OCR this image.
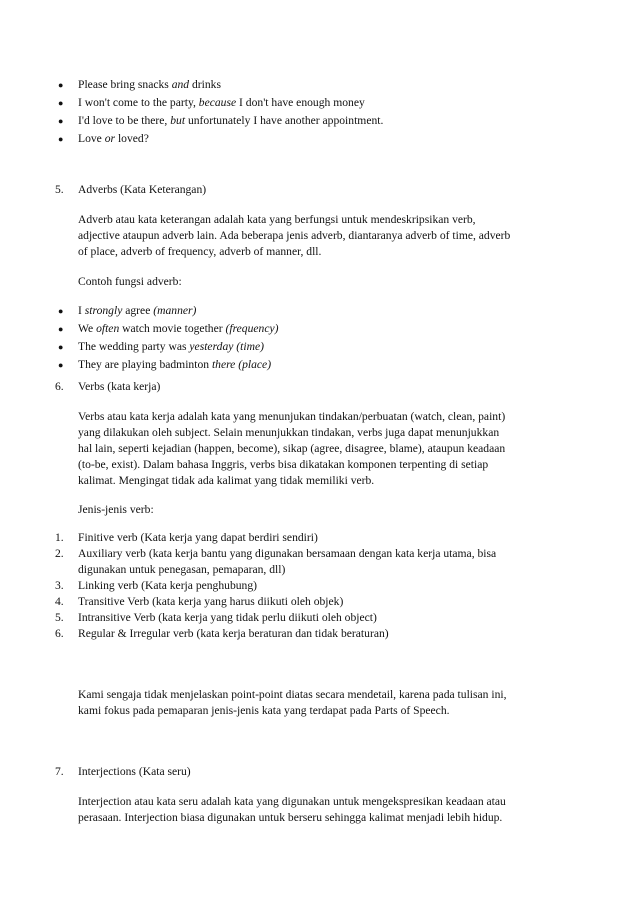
● Please bring snacks and drinks
● I won't come to the party, because I don't have enough money
● I'd love to be there, but unfortunately I have another appointment.
● Love or loved?
5. Adverbs (Kata Keterangan)
Adverb atau kata keterangan adalah kata yang berfungsi untuk mendeskripsikan verb,
adjective ataupun adverb lain. Ada beberapa jenis adverb, diantaranya adverb of time, adverb
of place, adverb of frequency, adverb of manner, dll.
Contoh fungsi adverb:
● I strongly agree (manner)
● We often watch movie together (frequency)
● The wedding party was yesterday (time)
● They are playing badminton there (place)
6. Verbs (kata kerja)
Verbs atau kata kerja adalah kata yang menunjukan tindakan/perbuatan (watch, clean, paint)
yang dilakukan oleh subject. Selain menunjukkan tindakan, verbs juga dapat menunjukkan
hal lain, seperti kejadian (happen, become), sikap (agree, disagree, blame), ataupun keadaan
(to-be, exist). Dalam bahasa Inggris, verbs bisa dikatakan komponen terpenting di setiap
kalimat. Mengingat tidak ada kalimat yang tidak memiliki verb.
Jenis-jenis verb:
1. Finitive verb (Kata kerja yang dapat berdiri sendiri)
2. Auxiliary verb (kata kerja bantu yang digunakan bersamaan dengan kata kerja utama, bisa
digunakan untuk penegasan, pemaparan, dll)
3. Linking verb (Kata kerja penghubung)
4. Transitive Verb (kata kerja yang harus diikuti oleh objek)
5. Intransitive Verb (kata kerja yang tidak perlu diikuti oleh object)
6. Regular & Irregular verb (kata kerja beraturan dan tidak beraturan)
Kami sengaja tidak menjelaskan point-point diatas secara mendetail, karena pada tulisan ini,
kami fokus pada pemaparan jenis-jenis kata yang terdapat pada Parts of Speech.
7. Interjections (Kata seru)
Interjection atau kata seru adalah kata yang digunakan untuk mengekspresikan keadaan atau
perasaan. Interjection biasa digunakan untuk berseru sehingga kalimat menjadi lebih hidup.
